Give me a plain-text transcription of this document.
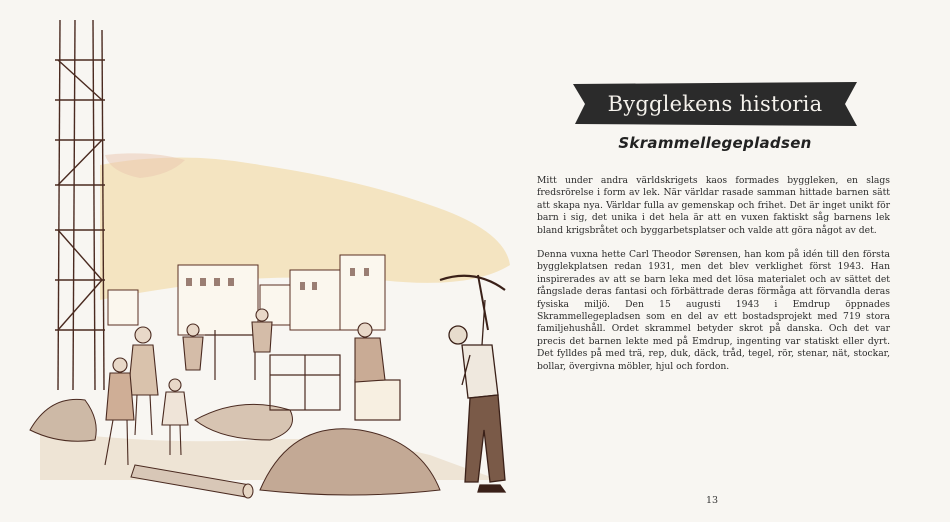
Bygglekens historia
Skrammellegepladsen

Mitt under andra världskrigets kaos formades byggleken, en slags fredsrörelse i form av lek. När världar rasade samman hittade barnen sätt att skapa nya. Världar fulla av gemenskap och frihet. Det är inget unikt för barn i sig, det unika i det hela är att en vuxen faktiskt såg barnens lek bland krigsbråtet och byggarbetsplatser och valde att göra något av det.

Denna vuxna hette Carl Theodor Sørensen, han kom på idén till den första bygglekplatsen redan 1931, men det blev verklighet först 1943. Han inspirerades av att se barn leka med det lösa materialet och av sättet det fångslade deras fantasi och förbättrade deras förmåga att förvandla deras fysiska miljö. Den 15 augusti 1943 i Emdrup öppnades Skrammellegepladsen som en del av ett bostadsprojekt med 719 stora familjehushåll. Ordet skrammel betyder skrot på danska. Och det var precis det barnen lekte med på Emdrup, ingenting var statiskt eller dyrt. Det fylldes på med trä, rep, duk, däck, tråd, tegel, rör, stenar, nät, stockar, bollar, övergivna möbler, hjul och fordon.

13
